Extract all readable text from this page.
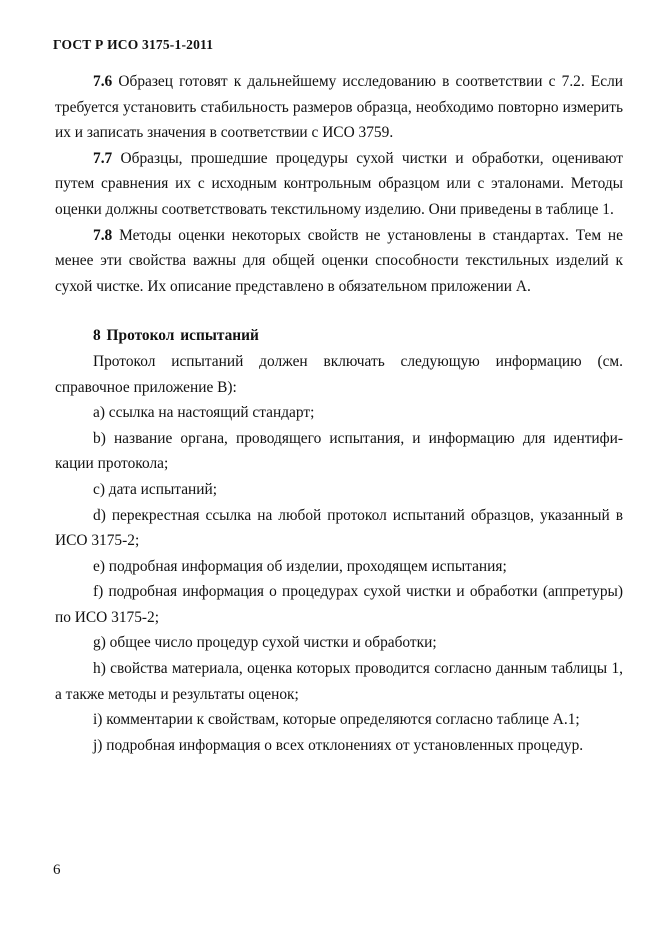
ГОСТ Р ИСО 3175-1-2011

7.6 Образец готовят к дальнейшему исследованию в соответствии с 7.2. Если требуется установить стабильность размеров образца, необходимо повторно измерить их и записать значения в соответствии с ИСО 3759.

7.7 Образцы, прошедшие процедуры сухой чистки и обработки, оценивают путем сравнения их с исходным контрольным образцом или с эталонами. Методы оценки должны соответствовать текстильному изделию. Они приведены в таблице 1.

7.8 Методы оценки некоторых свойств не установлены в стандартах. Тем не менее эти свойства важны для общей оценки способности текстильных изделий к сухой чистке. Их описание представлено в обязательном приложении А.

8 Протокол испытаний

Протокол испытаний должен включать следующую информацию (см. справочное приложение В):

a) ссылка на настоящий стандарт;

b) название органа, проводящего испытания, и информацию для идентифи-кации протокола;

c) дата испытаний;

d) перекрестная ссылка на любой протокол испытаний образцов, указанный в ИСО 3175-2;

e) подробная информация об изделии, проходящем испытания;

f) подробная информация о процедурах сухой чистки и обработки (аппретуры) по ИСО 3175-2;

g) общее число процедур сухой чистки и обработки;

h) свойства материала, оценка которых проводится согласно данным таблицы 1, а также методы и результаты оценок;

i) комментарии к свойствам, которые определяются согласно таблице А.1;

j) подробная информация о всех отклонениях от установленных процедур.

6
